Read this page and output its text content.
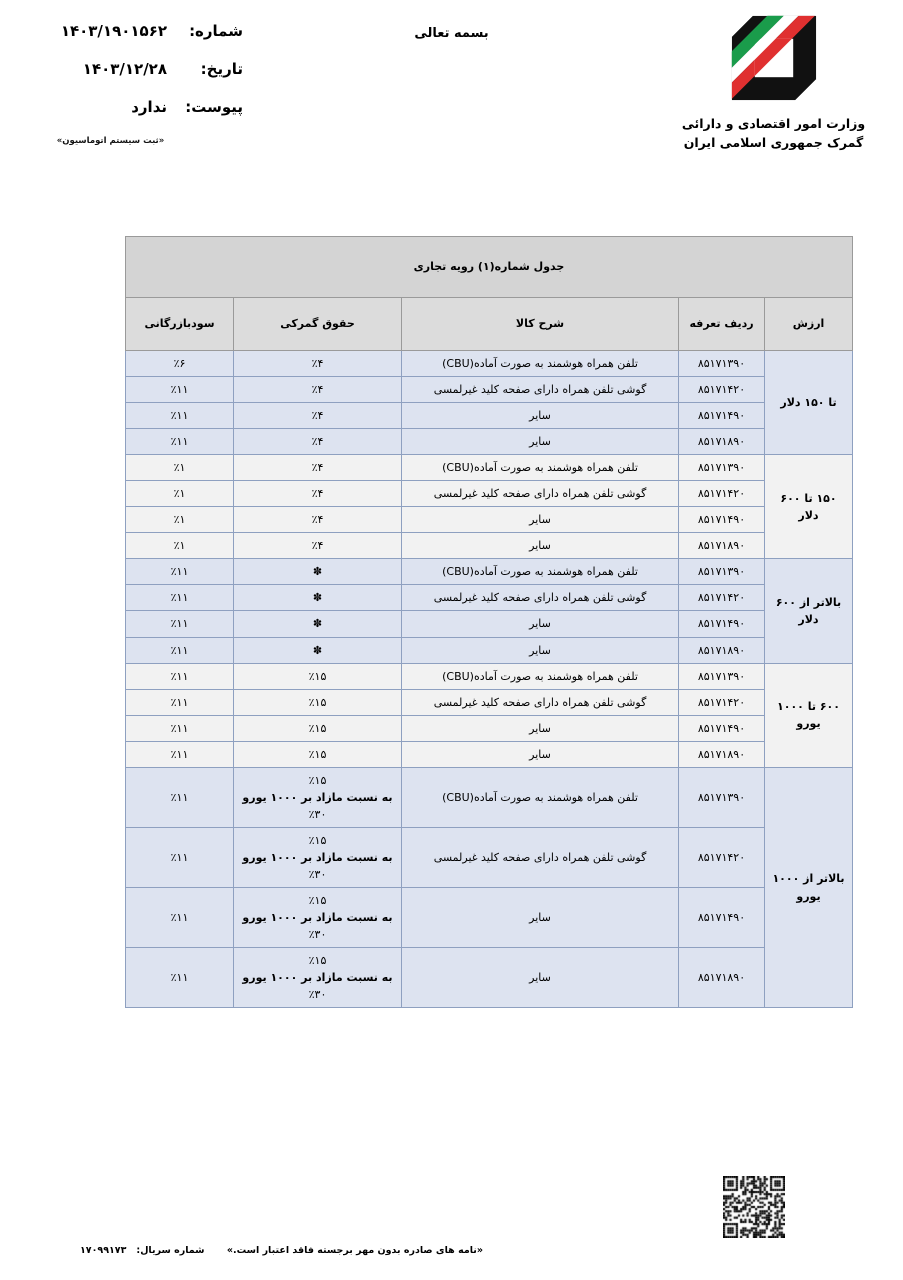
بسمه تعالی
شماره:
۱۴۰۳/۱۹۰۱۵۶۲
تاریخ:
۱۴۰۳/۱۲/۲۸
پیوست:
ندارد
«ثبت سیستم اتوماسیون»
وزارت امور اقتصادی و دارائی
گمرک جمهوری اسلامی ایران
جدول شماره(۱) رویه تجاری				
ارزش	ردیف تعرفه	شرح کالا	حقوق گمرکی	سودبازرگانی
تا ۱۵۰ دلار	۸۵۱۷۱۳۹۰	تلفن همراه هوشمند به صورت آماده(CBU)	٪۴	٪۶
	۸۵۱۷۱۴۲۰	گوشی تلفن همراه دارای صفحه کلید غیرلمسی	٪۴	٪۱۱
	۸۵۱۷۱۴۹۰	سایر	٪۴	٪۱۱
	۸۵۱۷۱۸۹۰	سایر	٪۴	٪۱۱
۱۵۰ تا ۶۰۰ دلار	۸۵۱۷۱۳۹۰	تلفن همراه هوشمند به صورت آماده(CBU)	٪۴	٪۱
	۸۵۱۷۱۴۲۰	گوشی تلفن همراه دارای صفحه کلید غیرلمسی	٪۴	٪۱
	۸۵۱۷۱۴۹۰	سایر	٪۴	٪۱
	۸۵۱۷۱۸۹۰	سایر	٪۴	٪۱
بالاتر از ۶۰۰ دلار	۸۵۱۷۱۳۹۰	تلفن همراه هوشمند به صورت آماده(CBU)	✽	٪۱۱
	۸۵۱۷۱۴۲۰	گوشی تلفن همراه دارای صفحه کلید غیرلمسی	✽	٪۱۱
	۸۵۱۷۱۴۹۰	سایر	✽	٪۱۱
	۸۵۱۷۱۸۹۰	سایر	✽	٪۱۱
۶۰۰ تا ۱۰۰۰ یورو	۸۵۱۷۱۳۹۰	تلفن همراه هوشمند به صورت آماده(CBU)	٪۱۵	٪۱۱
	۸۵۱۷۱۴۲۰	گوشی تلفن همراه دارای صفحه کلید غیرلمسی	٪۱۵	٪۱۱
	۸۵۱۷۱۴۹۰	سایر	٪۱۵	٪۱۱
	۸۵۱۷۱۸۹۰	سایر	٪۱۵	٪۱۱
بالاتر از ۱۰۰۰ یورو	۸۵۱۷۱۳۹۰	تلفن همراه هوشمند به صورت آماده(CBU)	٪۱۵
به نسبت مازاد بر ۱۰۰۰ یورو
٪۳۰	٪۱۱
	۸۵۱۷۱۴۲۰	گوشی تلفن همراه دارای صفحه کلید غیرلمسی	٪۱۵
به نسبت مازاد بر ۱۰۰۰ یورو
٪۳۰	٪۱۱
	۸۵۱۷۱۴۹۰	سایر	٪۱۵
به نسبت مازاد بر ۱۰۰۰ یورو
٪۳۰	٪۱۱
	۸۵۱۷۱۸۹۰	سایر	٪۱۵
به نسبت مازاد بر ۱۰۰۰ یورو
٪۳۰	٪۱۱
«نامه های صادره بدون مهر برجسته فاقد اعتبار است.»
شماره سریال:
۱۷۰۹۹۱۷۳
